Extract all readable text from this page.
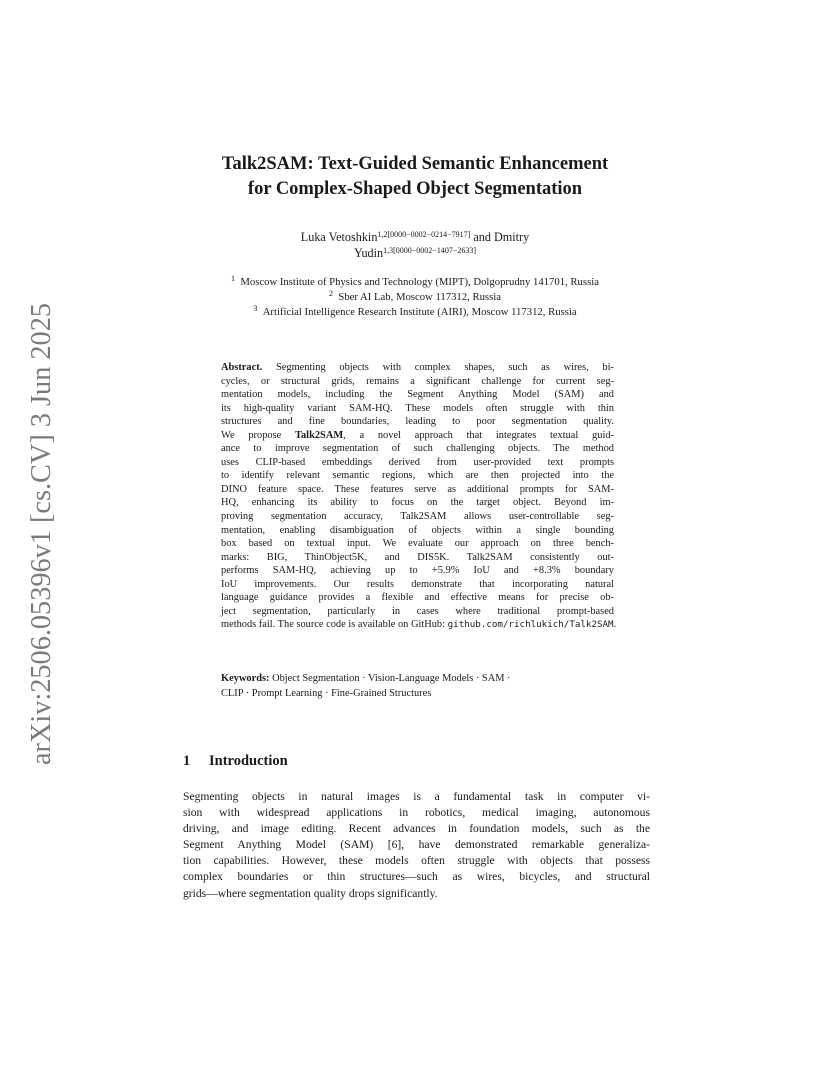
arXiv:2506.05396v1 [cs.CV] 3 Jun 2025
Talk2SAM: Text-Guided Semantic Enhancement
for Complex-Shaped Object Segmentation
Luka Vetoshkin$^{1,2[0000-0002-0214-7917]}$ and Dmitry
Yudin$^{1,3[0000-0002-1407-2633]}$
$^1$ Moscow Institute of Physics and Technology (MIPT), Dolgoprudny 141701, Russia
$^2$ Sber AI Lab, Moscow 117312, Russia
$^3$ Artificial Intelligence Research Institute (AIRI), Moscow 117312, Russia
Abstract. Segmenting objects with complex shapes, such as wires, bi-
cycles, or structural grids, remains a significant challenge for current seg-
mentation models, including the Segment Anything Model (SAM) and
its high-quality variant SAM-HQ. These models often struggle with thin
structures and fine boundaries, leading to poor segmentation quality.
We propose Talk2SAM, a novel approach that integrates textual guid-
ance to improve segmentation of such challenging objects. The method
uses CLIP-based embeddings derived from user-provided text prompts
to identify relevant semantic regions, which are then projected into the
DINO feature space. These features serve as additional prompts for SAM-
HQ, enhancing its ability to focus on the target object. Beyond im-
proving segmentation accuracy, Talk2SAM allows user-controllable seg-
mentation, enabling disambiguation of objects within a single bounding
box based on textual input. We evaluate our approach on three bench-
marks: BIG, ThinObject5K, and DIS5K. Talk2SAM consistently out-
performs SAM-HQ, achieving up to +5.9% IoU and +8.3% boundary
IoU improvements. Our results demonstrate that incorporating natural
language guidance provides a flexible and effective means for precise ob-
ject segmentation, particularly in cases where traditional prompt-based
methods fail. The source code is available on GitHub: github.com/richlukich/Talk2SAM.
Keywords: Object Segmentation · Vision-Language Models · SAM ·
CLIP · Prompt Learning · Fine-Grained Structures
1 Introduction
Segmenting objects in natural images is a fundamental task in computer vi-
sion with widespread applications in robotics, medical imaging, autonomous
driving, and image editing. Recent advances in foundation models, such as the
Segment Anything Model (SAM) [6], have demonstrated remarkable generaliza-
tion capabilities. However, these models often struggle with objects that possess
complex boundaries or thin structures—such as wires, bicycles, and structural
grids—where segmentation quality drops significantly.
